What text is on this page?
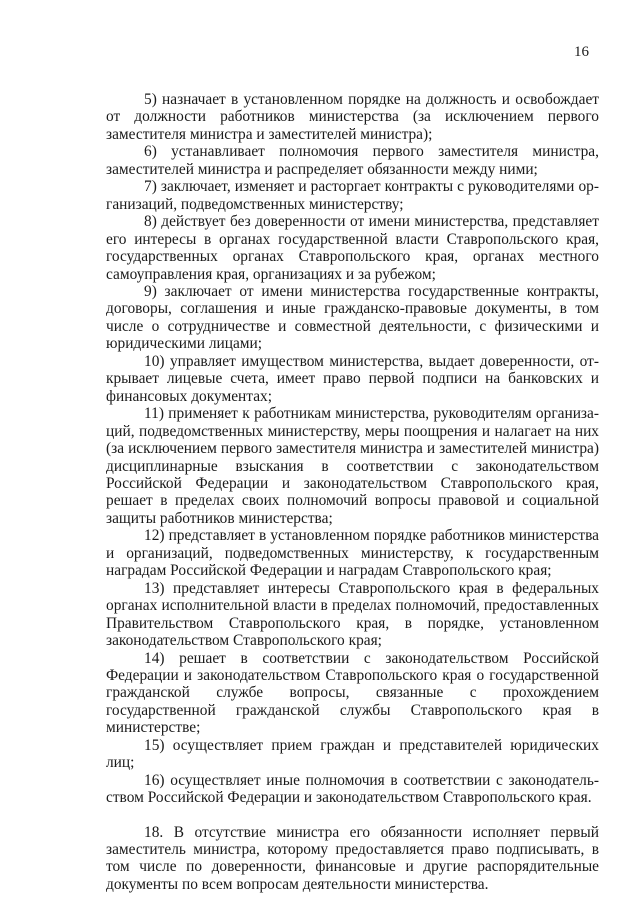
16

5) назначает в установленном порядке на должность и освобождает от должности работников министерства (за исключением первого заместителя министра и заместителей министра);

6) устанавливает полномочия первого заместителя министра, заместителей министра и распределяет обязанности между ними;

7) заключает, изменяет и расторгает контракты с руководителями организаций, подведомственных министерству;

8) действует без доверенности от имени министерства, представляет его интересы в органах государственной власти Ставропольского края, государственных органах Ставропольского края, органах местного самоуправления края, организациях и за рубежом;

9) заключает от имени министерства государственные контракты, договоры, соглашения и иные гражданско-правовые документы, в том числе о сотрудничестве и совместной деятельности, с физическими и юридическими лицами;

10) управляет имуществом министерства, выдает доверенности, открывает лицевые счета, имеет право первой подписи на банковских и финансовых документах;

11) применяет к работникам министерства, руководителям организаций, подведомственных министерству, меры поощрения и налагает на них (за исключением первого заместителя министра и заместителей министра) дисциплинарные взыскания в соответствии с законодательством Российской Федерации и законодательством Ставропольского края, решает в пределах своих полномочий вопросы правовой и социальной защиты работников министерства;

12) представляет в установленном порядке работников министерства и организаций, подведомственных министерству, к государственным наградам Российской Федерации и наградам Ставропольского края;

13) представляет интересы Ставропольского края в федеральных органах исполнительной власти в пределах полномочий, предоставленных Правительством Ставропольского края, в порядке, установленном законодательством Ставропольского края;

14) решает в соответствии с законодательством Российской Федерации и законодательством Ставропольского края о государственной гражданской службе вопросы, связанные с прохождением государственной гражданской службы Ставропольского края в министерстве;

15) осуществляет прием граждан и представителей юридических лиц;

16) осуществляет иные полномочия в соответствии с законодательством Российской Федерации и законодательством Ставропольского края.

18. В отсутствие министра его обязанности исполняет первый заместитель министра, которому предоставляется право подписывать, в том числе по доверенности, финансовые и другие распорядительные документы по всем вопросам деятельности министерства.
